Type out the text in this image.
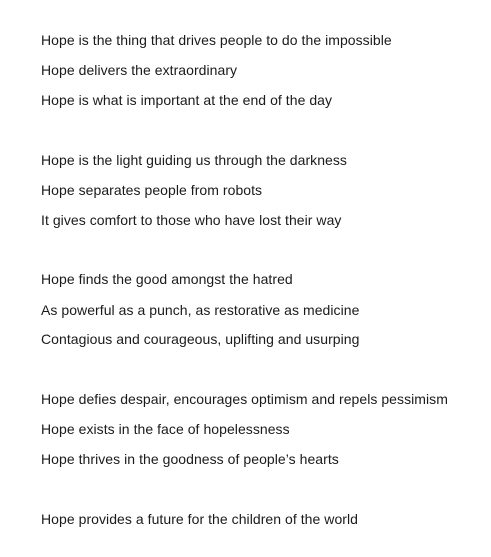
Hope is the thing that drives people to do the impossible
Hope delivers the extraordinary
Hope is what is important at the end of the day
Hope is the light guiding us through the darkness
Hope separates people from robots
It gives comfort to those who have lost their way
Hope finds the good amongst the hatred
As powerful as a punch, as restorative as medicine
Contagious and courageous, uplifting and usurping
Hope defies despair, encourages optimism and repels pessimism
Hope exists in the face of hopelessness
Hope thrives in the goodness of people’s hearts
Hope provides a future for the children of the world
